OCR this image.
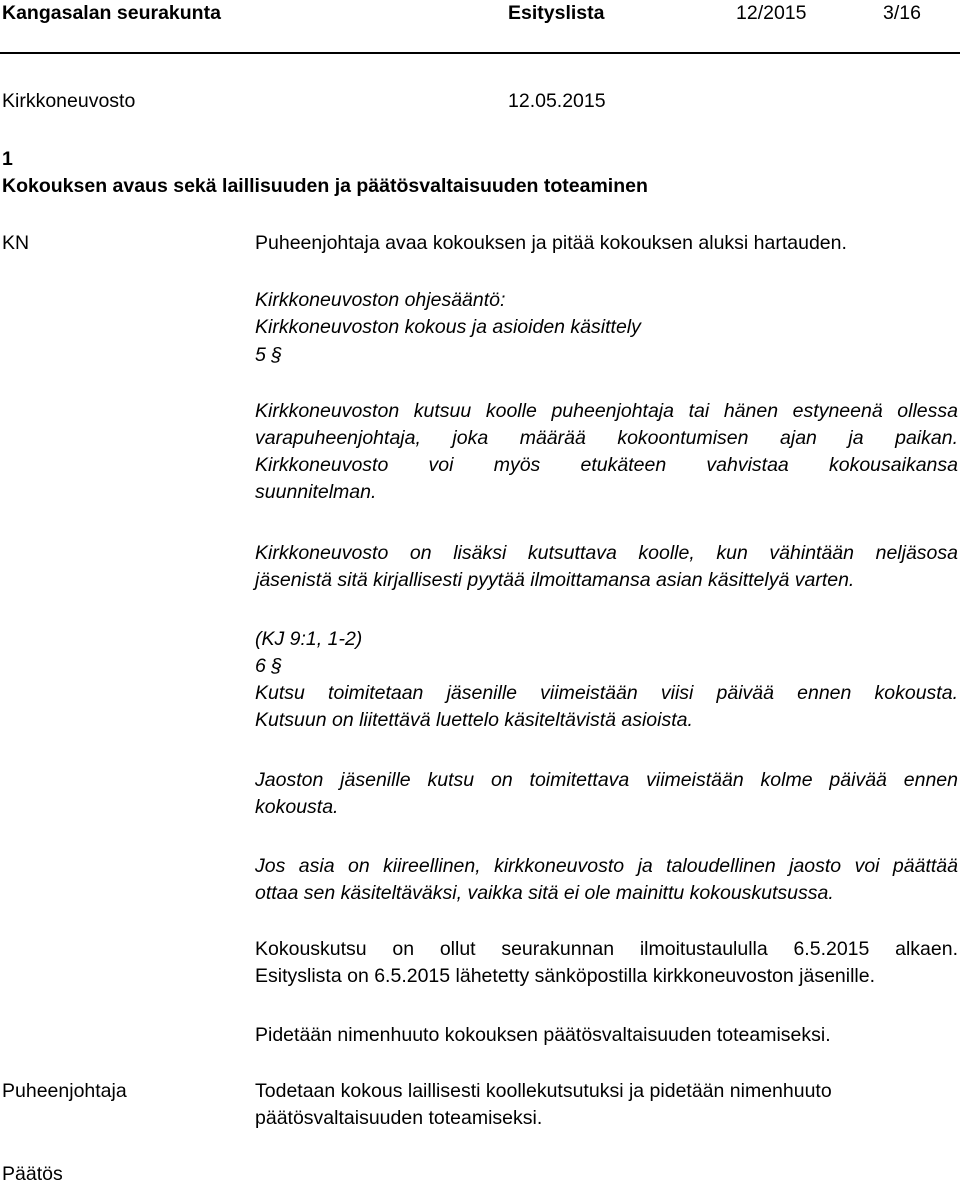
Kangasalan seurakunta	Esityslista	12/2015	3/16
Kirkkoneuvosto	12.05.2015
1
Kokouksen avaus sekä laillisuuden ja päätösvaltaisuuden toteaminen
KN	Puheenjohtaja avaa kokouksen ja pitää kokouksen aluksi hartauden.
Kirkkoneuvoston ohjesääntö:
Kirkkoneuvoston kokous ja asioiden käsittely
5 §
Kirkkoneuvoston kutsuu koolle puheenjohtaja tai hänen estyneenä ollessa
varapuheenjohtaja, joka määrää kokoontumisen ajan ja paikan.
Kirkkoneuvosto voi myös etukäteen vahvistaa kokousaikansa
suunnitelman.
Kirkkoneuvosto on lisäksi kutsuttava koolle, kun vähintään neljäsosa
jäsenistä sitä kirjallisesti pyytää ilmoittamansa asian käsittelyä varten.
(KJ 9:1, 1-2)
6 §
Kutsu toimitetaan jäsenille viimeistään viisi päivää ennen kokousta.
Kutsuun on liitettävä luettelo käsiteltävistä asioista.
Jaoston jäsenille kutsu on toimitettava viimeistään kolme päivää ennen
kokousta.
Jos asia on kiireellinen, kirkkoneuvosto ja taloudellinen jaosto voi päättää
ottaa sen käsiteltäväksi, vaikka sitä ei ole mainittu kokouskutsussa.
Kokouskutsu on ollut seurakunnan ilmoitustaululla 6.5.2015 alkaen.
Esityslista on 6.5.2015 lähetetty sänköpostilla kirkkoneuvoston jäsenille.
Pidetään nimenhuuto kokouksen päätösvaltaisuuden toteamiseksi.
Puheenjohtaja	Todetaan kokous laillisesti koollekutsutuksi ja pidetään nimenhuuto
päätösvaltaisuuden toteamiseksi.
Päätös
